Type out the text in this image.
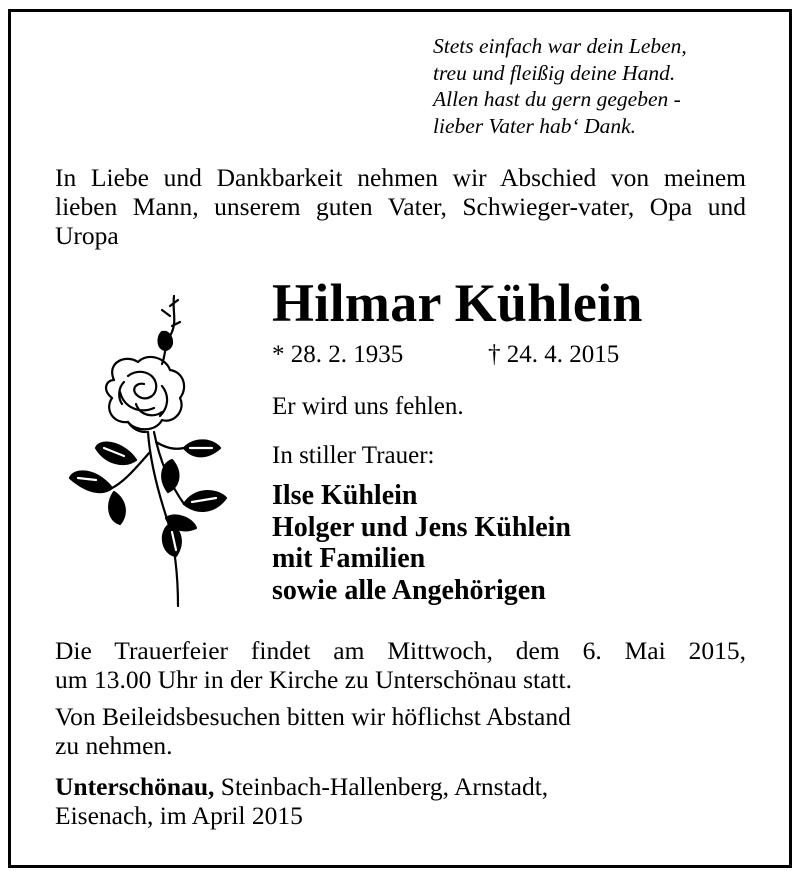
Stets einfach war dein Leben,
treu und fleißig deine Hand.
Allen hast du gern gegeben -
lieber Vater hab‘ Dank.
In Liebe und Dankbarkeit nehmen wir Abschied von meinem lieben Mann, unserem guten Vater, Schwieger-vater, Opa und Uropa
Hilmar Kühlein
* 28. 2. 1935	† 24. 4. 2015
Er wird uns fehlen.
In stiller Trauer:
Ilse Kühlein
Holger und Jens Kühlein
mit Familien
sowie alle Angehörigen
Die Trauerfeier findet am Mittwoch, dem 6. Mai 2015,
um 13.00 Uhr in der Kirche zu Unterschönau statt.
Von Beileidsbesuchen bitten wir höflichst Abstand
zu nehmen.
Unterschönau, Steinbach-Hallenberg, Arnstadt,
Eisenach, im April 2015
